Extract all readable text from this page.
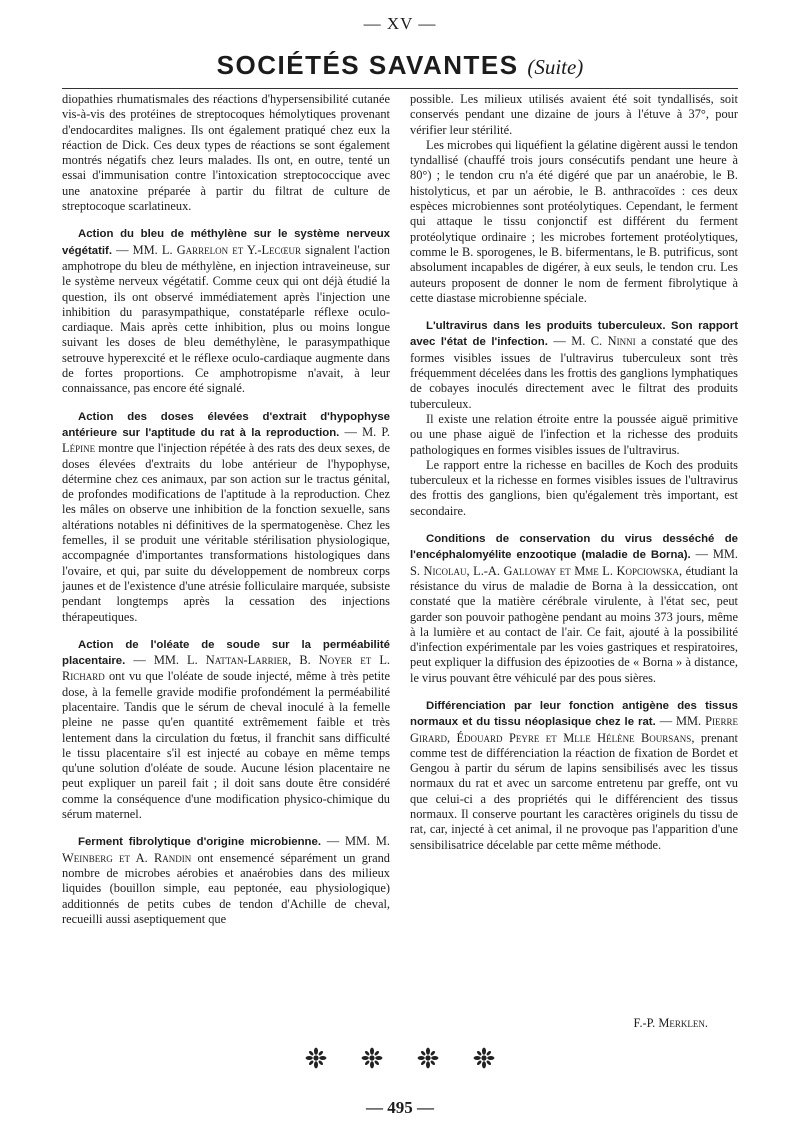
— XV —
SOCIÉTÉS SAVANTES (Suite)

diopathies rhumatismales des réactions d'hypersensibilité cutanée vis-à-vis des protéines de streptocoques hémolytiques provenant d'endocardites malignes. Ils ont également pratiqué chez eux la réaction de Dick. Ces deux types de réactions se sont également montrés négatifs chez leurs malades. Ils ont, en outre, tenté un essai d'immunisation contre l'intoxication streptococcique avec une anatoxine préparée à partir du filtrat de culture de streptocoque scarlatineux.

Action du bleu de méthylène sur le système nerveux végétatif. — MM. L. Garrelon et Y.-Lecœur signalent l'action amphotrope du bleu de méthylène, en injection intraveineuse, sur le système nerveux végétatif. Comme ceux qui ont déjà étudié la question, ils ont observé immédiatement après l'injection une inhibition du parasympathique, constatéparle réflexe oculo-cardiaque. Mais après cette inhibition, plus ou moins longue suivant les doses de bleu deméthylène, le parasympathique setrouve hyperexcité et le réflexe oculo-cardiaque augmente dans de fortes proportions. Ce amphotropisme n'avait, à leur connaissance, pas encore été signalé.

Action des doses élevées d'extrait d'hypophyse antérieure sur l'aptitude du rat à la reproduction. — M. P. Lépine montre que l'injection répétée à des rats des deux sexes, de doses élevées d'extraits du lobe antérieur de l'hypophyse, détermine chez ces animaux, par son action sur le tractus génital, de profondes modifications de l'aptitude à la reproduction. Chez les mâles on observe une inhibition de la fonction sexuelle, sans altérations notables ni définitives de la spermatogenèse. Chez les femelles, il se produit une véritable stérilisation physiologique, accompagnée d'importantes transformations histologiques dans l'ovaire, et qui, par suite du développement de nombreux corps jaunes et de l'existence d'une atrésie folliculaire marquée, subsiste pendant longtemps après la cessation des injections thérapeutiques.

Action de l'oléate de soude sur la perméabilité placentaire. — MM. L. Nattan-Larrier, B. Noyer et L. Richard ont vu que l'oléate de soude injecté, même à très petite dose, à la femelle gravide modifie profondément la perméabilité placentaire. Tandis que le sérum de cheval inoculé à la femelle pleine ne passe qu'en quantité extrêmement faible et très lentement dans la circulation du fœtus, il franchit sans difficulté le tissu placentaire s'il est injecté au cobaye en même temps qu'une solution d'oléate de soude. Aucune lésion placentaire ne peut expliquer un pareil fait ; il doit sans doute être considéré comme la conséquence d'une modification physico-chimique du sérum maternel.

Ferment fibrolytique d'origine microbienne. — MM. M. Weinberg et A. Randin ont ensemencé séparément un grand nombre de microbes aérobies et anaérobies dans des milieux liquides (bouillon simple, eau peptonée, eau physiologique) additionnés de petits cubes de tendon d'Achille de cheval, recueilli aussi aseptiquement que

possible. Les milieux utilisés avaient été soit tyndallisés, soit conservés pendant une dizaine de jours à l'étuve à 37°, pour vérifier leur stérilité.

Les microbes qui liquéfient la gélatine digèrent aussi le tendon tyndallisé (chauffé trois jours consécutifs pendant une heure à 80°) ; le tendon cru n'a été digéré que par un anaérobie, le B. histolyticus, et par un aérobie, le B. anthracoïdes : ces deux espèces microbiennes sont protéolytiques. Cependant, le ferment qui attaque le tissu conjonctif est différent du ferment protéolytique ordinaire ; les microbes fortement protéolytiques, comme le B. sporogenes, le B. bifermentans, le B. putrificus, sont absolument incapables de digérer, à eux seuls, le tendon cru. Les auteurs proposent de donner le nom de ferment fibrolytique à cette diastase microbienne spéciale.

L'ultravirus dans les produits tuberculeux. Son rapport avec l'état de l'infection. — M. C. Ninni a constaté que des formes visibles issues de l'ultravirus tuberculeux sont très fréquemment décelées dans les frottis des ganglions lymphatiques de cobayes inoculés directement avec le filtrat des produits tuberculeux.

Il existe une relation étroite entre la poussée aiguë primitive ou une phase aiguë de l'infection et la richesse des produits pathologiques en formes visibles issues de l'ultravirus.

Le rapport entre la richesse en bacilles de Koch des produits tuberculeux et la richesse en formes visibles issues de l'ultravirus des frottis des ganglions, bien qu'également très important, est secondaire.

Conditions de conservation du virus desséché de l'encéphalomyélite enzootique (maladie de Borna). — MM. S. Nicolau, L.-A. Galloway et Mme L. Kopciowska, étudiant la résistance du virus de maladie de Borna à la dessiccation, ont constaté que la matière cérébrale virulente, à l'état sec, peut garder son pouvoir pathogène pendant au moins 373 jours, même à la lumière et au contact de l'air. Ce fait, ajouté à la possibilité d'infection expérimentale par les voies gastriques et respiratoires, peut expliquer la diffusion des épizooties de « Borna » à distance, le virus pouvant être véhiculé par des pous sières.

Différenciation par leur fonction antigène des tissus normaux et du tissu néoplasique chez le rat. — MM. Pierre Girard, Édouard Peyre et Mlle Hélène Boursans, prenant comme test de différenciation la réaction de fixation de Bordet et Gengou à partir du sérum de lapins sensibilisés avec les tissus normaux du rat et avec un sarcome entretenu par greffe, ont vu que celui-ci a des propriétés qui le différencient des tissus normaux. Il conserve pourtant les caractères originels du tissu de rat, car, injecté à cet animal, il ne provoque pas l'apparition d'une sensibilisatrice décelable par cette même méthode.

F.-P. Merklen.

— 495 —
